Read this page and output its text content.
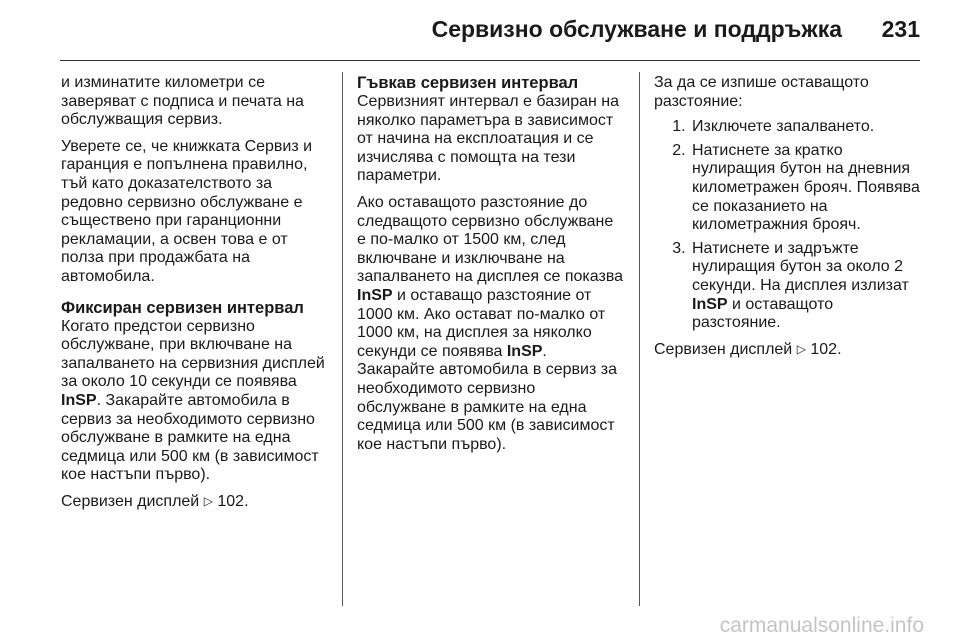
Сервизно обслужване и поддръжка 231

и изминатите километри се заверяват с подписа и печата на обслужващия сервиз.

Уверете се, че книжката Сервиз и гаранция е попълнена правилно, тъй като доказателството за редовно сервизно обслужване е съществено при гаранционни рекламации, а освен това е от полза при продажбата на автомобила.

Фиксиран сервизен интервал

Когато предстои сервизно обслужване, при включване на запалването на сервизния дисплей за около 10 секунди се появява InSP. Закарайте автомобила в сервиз за необходимото сервизно обслужване в рамките на една седмица или 500 км (в зависимост кое настъпи първо).

Сервизен дисплей ▷ 102.

Гъвкав сервизен интервал

Сервизният интервал е базиран на няколко параметъра в зависимост от начина на експлоатация и се изчислява с помощта на тези параметри.

Ако оставащото разстояние до следващото сервизно обслужване е по-малко от 1500 км, след включване и изключване на запалването на дисплея се показва InSP и оставащо разстояние от 1000 км. Ако остават по-малко от 1000 км, на дисплея за няколко секунди се появява InSP.

Закарайте автомобила в сервиз за необходимото сервизно обслужване в рамките на една седмица или 500 км (в зависимост кое настъпи първо).

За да се изпише оставащото разстояние:

1. Изключете запалването.
2. Натиснете за кратко нулиращия бутон на дневния километражен брояч. Появява се показанието на километражния брояч.
3. Натиснете и задръжте нулиращия бутон за около 2 секунди. На дисплея излизат InSP и оставащото разстояние.

Сервизен дисплей ▷ 102.

carmanualsonline.info
